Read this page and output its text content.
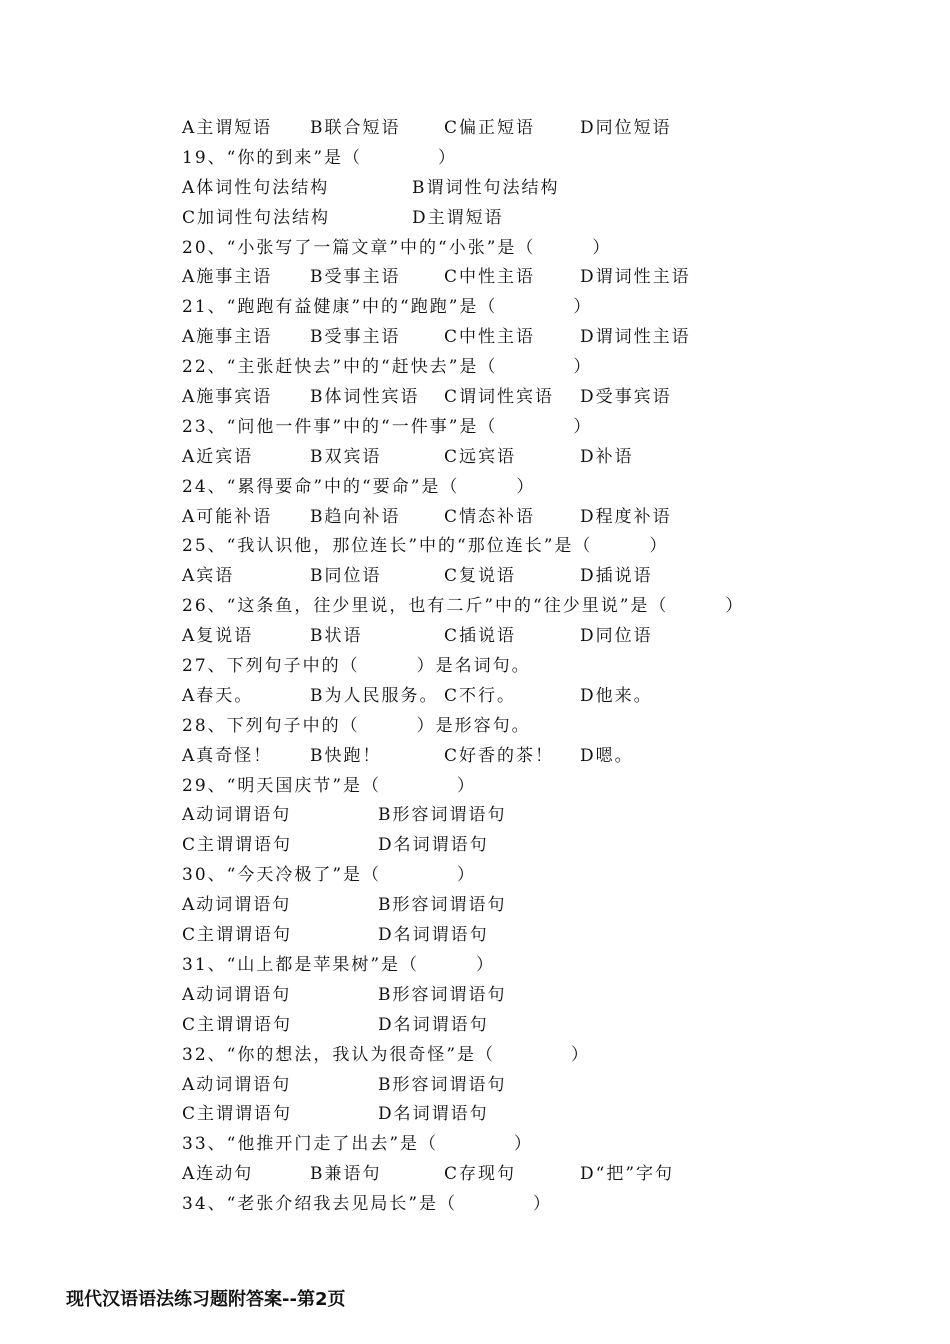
A主谓短语 B联合短语	C偏正短语	D同位短语
19、“你的到来”是（　　　　）
A体词性句法结构	B谓词性句法结构
C加词性句法结构	D主谓短语
20、“小张写了一篇文章”中的“小张”是（　　　）
A施事主语 B受事主语	C中性主语	D谓词性主语
21、“跑跑有益健康”中的“跑跑”是（　　　　）
A施事主语 B受事主语	C中性主语	D谓词性主语
22、“主张赶快去”中的“赶快去”是（　　　　）
A施事宾语 B体词性宾语 C谓词性宾语 D受事宾语
23、“问他一件事”中的“一件事”是（　　　　）
A近宾语	B双宾语	C远宾语	D补语
24、“累得要命”中的“要命”是（　　　）
A可能补语 B趋向补语	C情态补语	D程度补语
25、“我认识他，那位连长”中的“那位连长”是（　　　）
A宾语	B同位语	C复说语	D插说语
26、“这条鱼，往少里说，也有二斤”中的“往少里说”是（　　　）
A复说语	B状语	C插说语	D同位语
27、下列句子中的（　　　）是名词句。
A春天。	B为人民服务。 C不行。	D他来。
28、下列句子中的（　　　）是形容句。
A真奇怪！ B快跑！	C好香的茶！ D嗯。
29、“明天国庆节”是（　　　　）
A动词谓语句	B形容词谓语句
C主谓谓语句	D名词谓语句
30、“今天冷极了”是（　　　　）
A动词谓语句	B形容词谓语句
C主谓谓语句	D名词谓语句
31、“山上都是苹果树”是（　　　）
A动词谓语句	B形容词谓语句
C主谓谓语句	D名词谓语句
32、“你的想法，我认为很奇怪”是（　　　　）
A动词谓语句	B形容词谓语句
C主谓谓语句	D名词谓语句
33、“他推开门走了出去”是（　　　　）
A连动句	B兼语句	C存现句	D“把”字句
34、“老张介绍我去见局长”是（　　　　）
现代汉语语法练习题附答案--第2页
